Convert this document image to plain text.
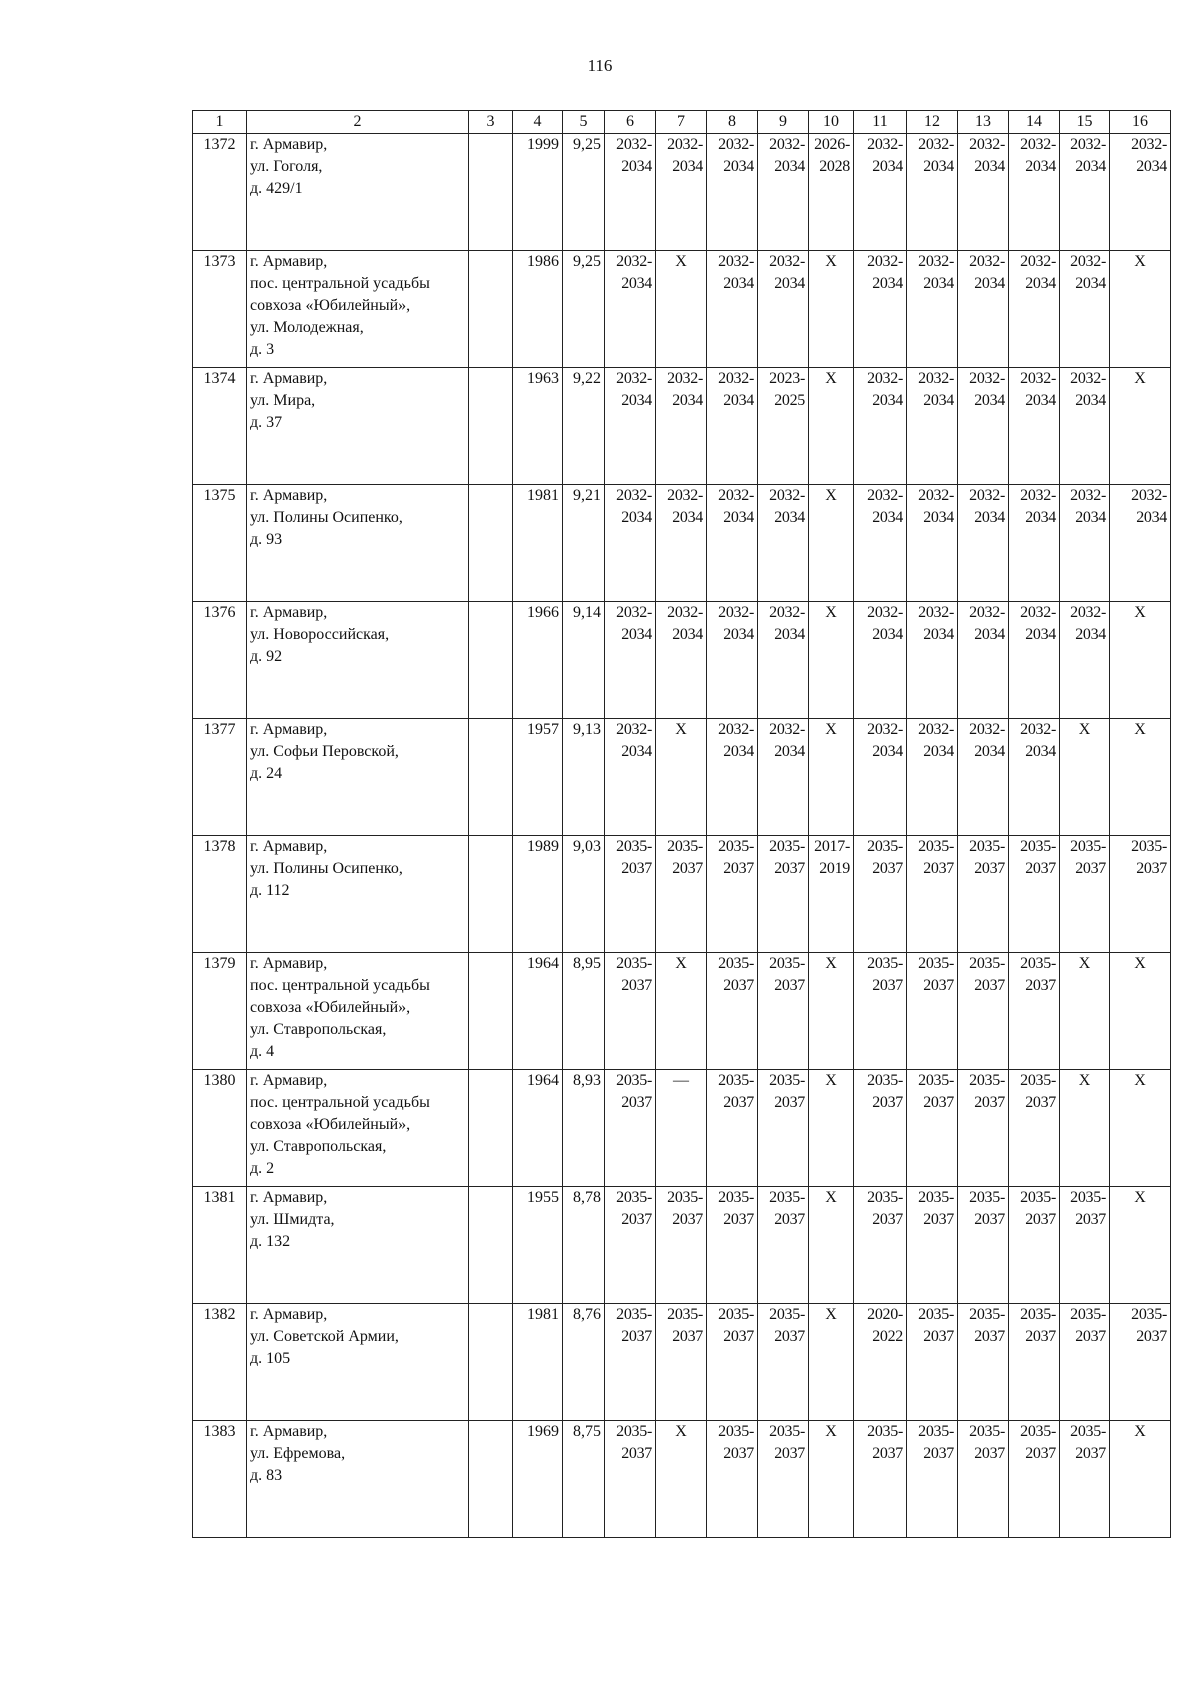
116
1	2	3	4	5	6	7	8	9	10	11	12	13	14	15	16
1372	г. Армавир,
ул. Гоголя,
д. 429/1		1999	9,25	2032-
2034	2032-
2034	2032-
2034	2032-
2034	2026-
2028	2032-
2034	2032-
2034	2032-
2034	2032-
2034	2032-
2034	2032-
2034
1373	г. Армавир,
пос. центральной усадьбы
совхоза «Юбилейный»,
ул. Молодежная,
д. 3		1986	9,25	2032-
2034	X	2032-
2034	2032-
2034	X	2032-
2034	2032-
2034	2032-
2034	2032-
2034	2032-
2034	X
1374	г. Армавир,
ул. Мира,
д. 37		1963	9,22	2032-
2034	2032-
2034	2032-
2034	2023-
2025	X	2032-
2034	2032-
2034	2032-
2034	2032-
2034	2032-
2034	X
1375	г. Армавир,
ул. Полины Осипенко,
д. 93		1981	9,21	2032-
2034	2032-
2034	2032-
2034	2032-
2034	X	2032-
2034	2032-
2034	2032-
2034	2032-
2034	2032-
2034	2032-
2034
1376	г. Армавир,
ул. Новороссийская,
д. 92		1966	9,14	2032-
2034	2032-
2034	2032-
2034	2032-
2034	X	2032-
2034	2032-
2034	2032-
2034	2032-
2034	2032-
2034	X
1377	г. Армавир,
ул. Софьи Перовской,
д. 24		1957	9,13	2032-
2034	X	2032-
2034	2032-
2034	X	2032-
2034	2032-
2034	2032-
2034	2032-
2034	X	X
1378	г. Армавир,
ул. Полины Осипенко,
д. 112		1989	9,03	2035-
2037	2035-
2037	2035-
2037	2035-
2037	2017-
2019	2035-
2037	2035-
2037	2035-
2037	2035-
2037	2035-
2037	2035-
2037
1379	г. Армавир,
пос. центральной усадьбы
совхоза «Юбилейный»,
ул. Ставропольская,
д. 4		1964	8,95	2035-
2037	X	2035-
2037	2035-
2037	X	2035-
2037	2035-
2037	2035-
2037	2035-
2037	X	X
1380	г. Армавир,
пос. центральной усадьбы
совхоза «Юбилейный»,
ул. Ставропольская,
д. 2		1964	8,93	2035-
2037	—	2035-
2037	2035-
2037	X	2035-
2037	2035-
2037	2035-
2037	2035-
2037	X	X
1381	г. Армавир,
ул. Шмидта,
д. 132		1955	8,78	2035-
2037	2035-
2037	2035-
2037	2035-
2037	X	2035-
2037	2035-
2037	2035-
2037	2035-
2037	2035-
2037	X
1382	г. Армавир,
ул. Советской Армии,
д. 105		1981	8,76	2035-
2037	2035-
2037	2035-
2037	2035-
2037	X	2020-
2022	2035-
2037	2035-
2037	2035-
2037	2035-
2037	2035-
2037
1383	г. Армавир,
ул. Ефремова,
д. 83		1969	8,75	2035-
2037	X	2035-
2037	2035-
2037	X	2035-
2037	2035-
2037	2035-
2037	2035-
2037	2035-
2037	X
